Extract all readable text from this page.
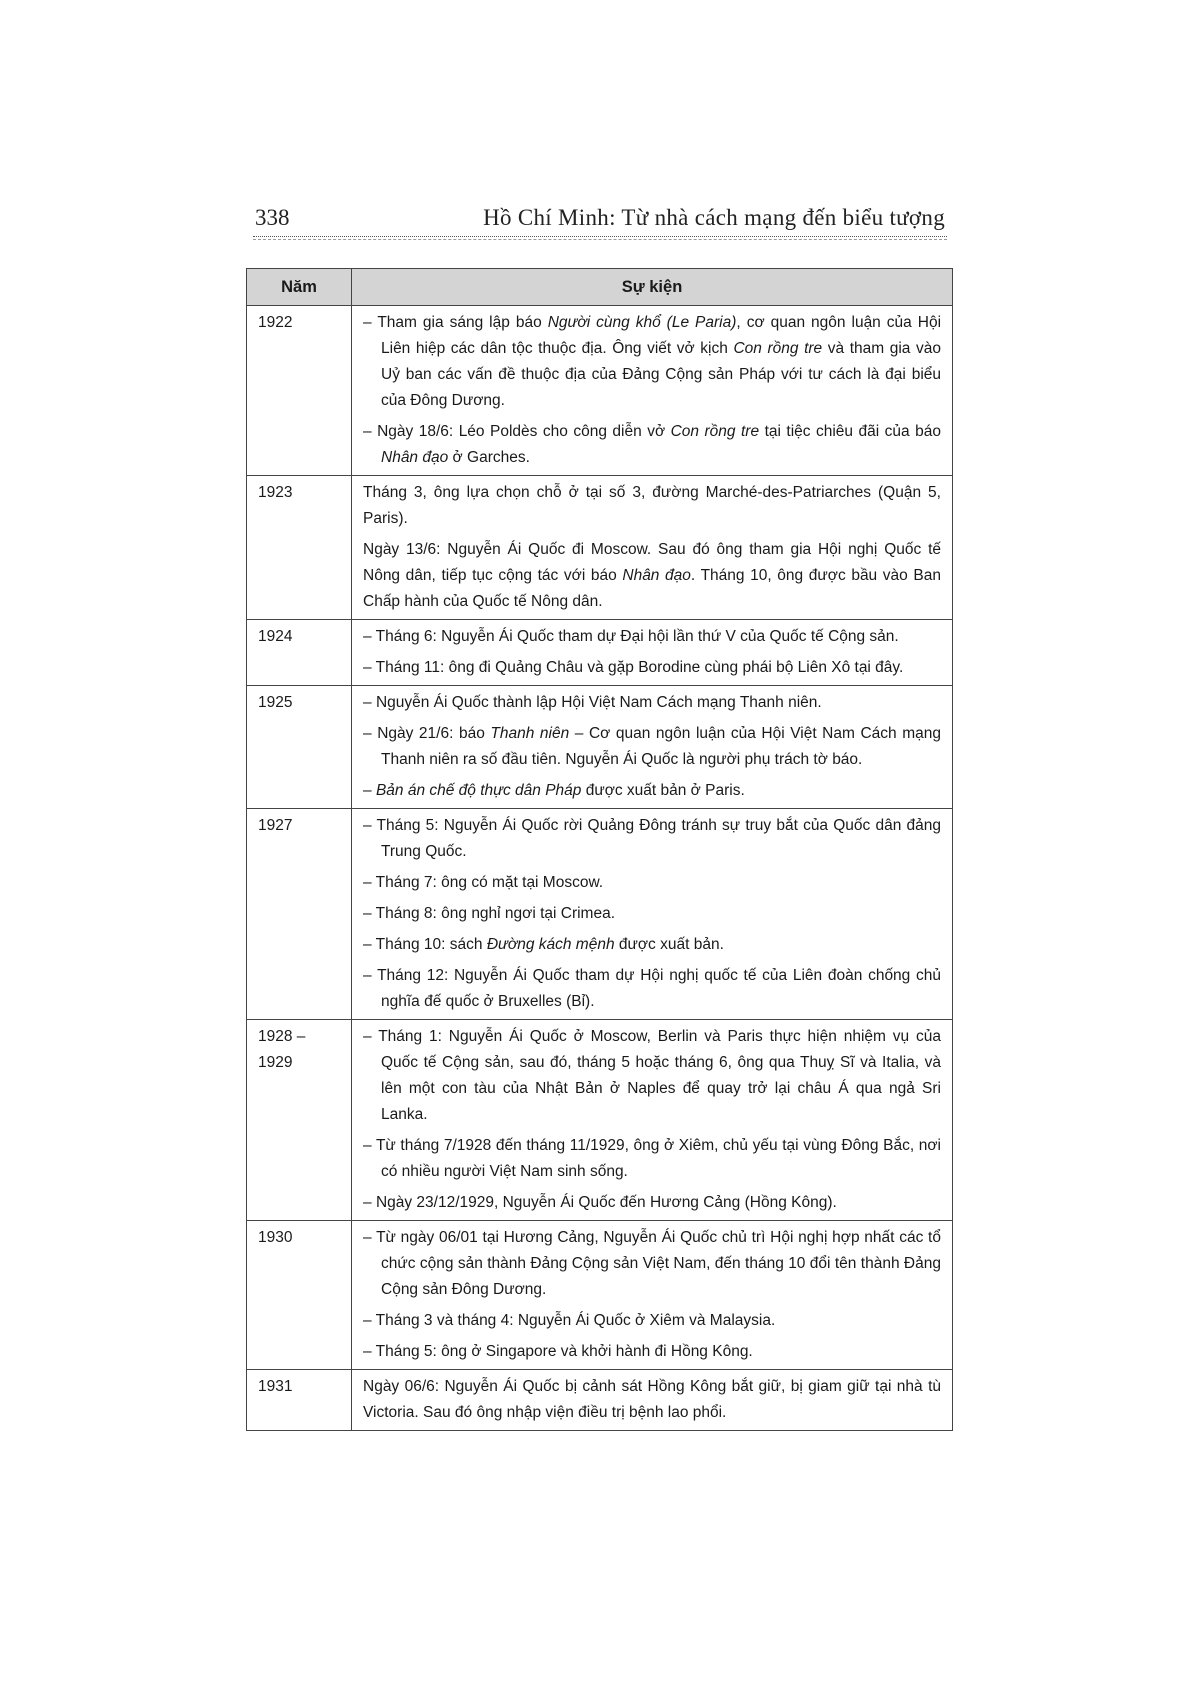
338	Hồ Chí Minh: Từ nhà cách mạng đến biểu tượng
Năm	Sự kiện
1922	– Tham gia sáng lập báo Người cùng khổ (Le Paria), cơ quan ngôn luận của Hội Liên hiệp các dân tộc thuộc địa. Ông viết vở kịch Con rồng tre và tham gia vào Uỷ ban các vấn đề thuộc địa của Đảng Cộng sản Pháp với tư cách là đại biểu của Đông Dương.
– Ngày 18/6: Léo Poldès cho công diễn vở Con rồng tre tại tiệc chiêu đãi của báo Nhân đạo ở Garches.

1923	Tháng 3, ông lựa chọn chỗ ở tại số 3, đường Marché-des-Patriarches (Quận 5, Paris).
Ngày 13/6: Nguyễn Ái Quốc đi Moscow. Sau đó ông tham gia Hội nghị Quốc tế Nông dân, tiếp tục cộng tác với báo Nhân đạo. Tháng 10, ông được bầu vào Ban Chấp hành của Quốc tế Nông dân.

1924	– Tháng 6: Nguyễn Ái Quốc tham dự Đại hội lần thứ V của Quốc tế Cộng sản.
– Tháng 11: ông đi Quảng Châu và gặp Borodine cùng phái bộ Liên Xô tại đây.

1925	– Nguyễn Ái Quốc thành lập Hội Việt Nam Cách mạng Thanh niên.
– Ngày 21/6: báo Thanh niên – Cơ quan ngôn luận của Hội Việt Nam Cách mạng Thanh niên ra số đầu tiên. Nguyễn Ái Quốc là người phụ trách tờ báo.
– Bản án chế độ thực dân Pháp được xuất bản ở Paris.

1927	– Tháng 5: Nguyễn Ái Quốc rời Quảng Đông tránh sự truy bắt của Quốc dân đảng Trung Quốc.
– Tháng 7: ông có mặt tại Moscow.
– Tháng 8: ông nghỉ ngơi tại Crimea.
– Tháng 10: sách Đường kách mệnh được xuất bản.
– Tháng 12: Nguyễn Ái Quốc tham dự Hội nghị quốc tế của Liên đoàn chống chủ nghĩa đế quốc ở Bruxelles (Bỉ).

1928 – 1929	– Tháng 1: Nguyễn Ái Quốc ở Moscow, Berlin và Paris thực hiện nhiệm vụ của Quốc tế Cộng sản, sau đó, tháng 5 hoặc tháng 6, ông qua Thuỵ Sĩ và Italia, và lên một con tàu của Nhật Bản ở Naples để quay trở lại châu Á qua ngả Sri Lanka.
– Từ tháng 7/1928 đến tháng 11/1929, ông ở Xiêm, chủ yếu tại vùng Đông Bắc, nơi có nhiều người Việt Nam sinh sống.
– Ngày 23/12/1929, Nguyễn Ái Quốc đến Hương Cảng (Hồng Kông).

1930	– Từ ngày 06/01 tại Hương Cảng, Nguyễn Ái Quốc chủ trì Hội nghị hợp nhất các tổ chức cộng sản thành Đảng Cộng sản Việt Nam, đến tháng 10 đổi tên thành Đảng Cộng sản Đông Dương.
– Tháng 3 và tháng 4: Nguyễn Ái Quốc ở Xiêm và Malaysia.
– Tháng 5: ông ở Singapore và khởi hành đi Hồng Kông.

1931	Ngày 06/6: Nguyễn Ái Quốc bị cảnh sát Hồng Kông bắt giữ, bị giam giữ tại nhà tù Victoria. Sau đó ông nhập viện điều trị bệnh lao phổi.
